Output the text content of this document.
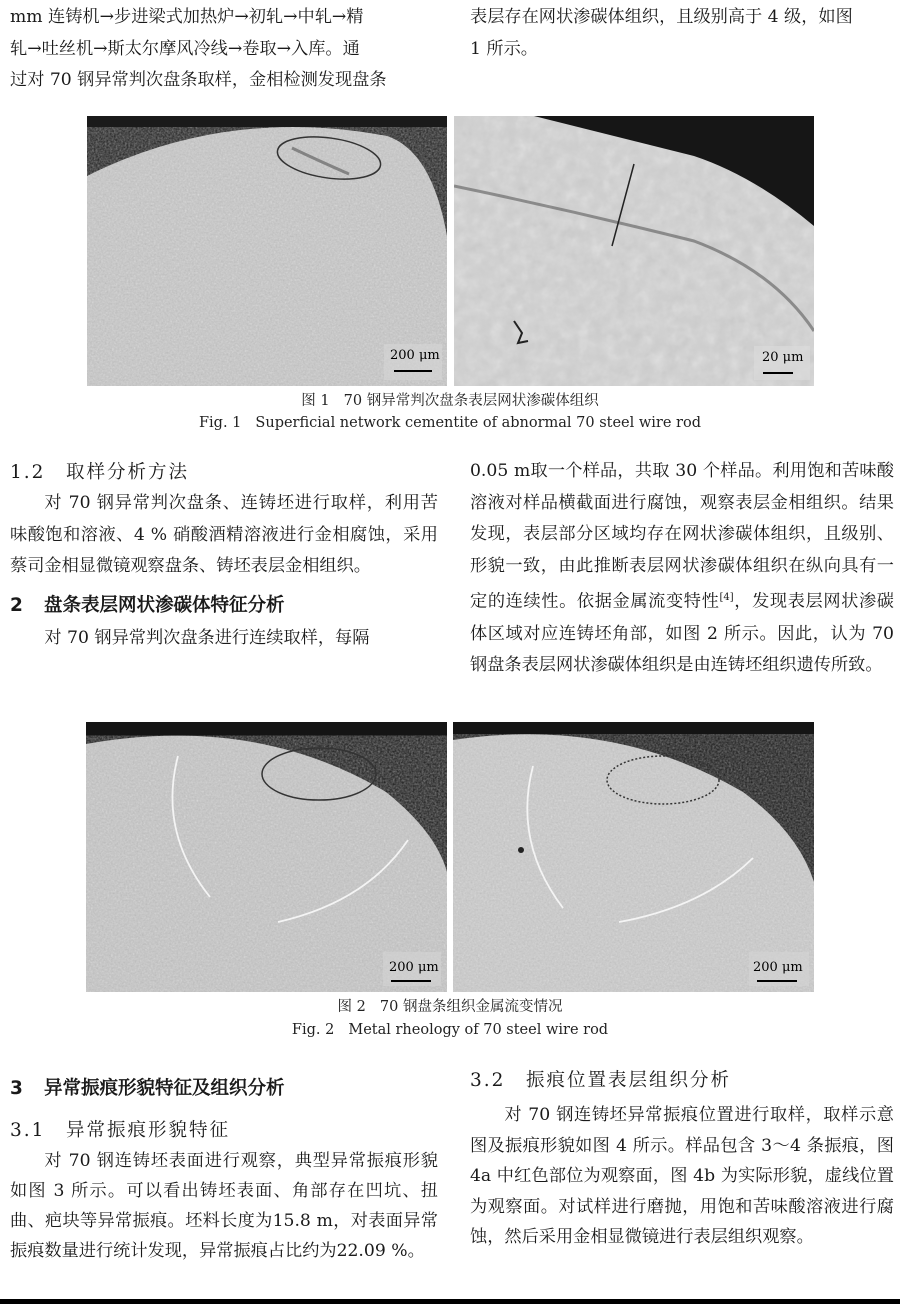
mm 连铸机→步进梁式加热炉→初轧→中轧→精

轧→吐丝机→斯太尔摩风冷线→卷取→入库。通

过对 70 钢异常判次盘条取样，金相检测发现盘条

表层存在网状渗碳体组织，且级别高于 4 级，如图

1 所示。

200 μm	20 μm
图 1 70 钢异常判次盘条表层网状渗碳体组织
Fig. 1 Superficial network cementite of abnormal 70 steel wire rod

1.2 取样分析方法

对 70 钢异常判次盘条、连铸坯进行取样，利用苦味酸饱和溶液、4 % 硝酸酒精溶液进行金相腐蚀，采用蔡司金相显微镜观察盘条、铸坯表层金相组织。

2 盘条表层网状渗碳体特征分析

对 70 钢异常判次盘条进行连续取样，每隔

0.05 m取一个样品，共取 30 个样品。利用饱和苦味酸溶液对样品横截面进行腐蚀，观察表层金相组织。结果发现，表层部分区域均存在网状渗碳体组织，且级别、形貌一致，由此推断表层网状渗碳体组织在纵向具有一定的连续性。依据金属流变特性[4]，发现表层网状渗碳体区域对应连铸坯角部，如图 2 所示。因此，认为 70 钢盘条表层网状渗碳体组织是由连铸坯组织遗传所致。

200 μm	200 μm
图 2 70 钢盘条组织金属流变情况
Fig. 2 Metal rheology of 70 steel wire rod

3 异常振痕形貌特征及组织分析

3.1 异常振痕形貌特征

对 70 钢连铸坯表面进行观察，典型异常振痕形貌如图 3 所示。可以看出铸坯表面、角部存在凹坑、扭曲、疤块等异常振痕。坯料长度为15.8 m，对表面异常振痕数量进行统计发现，异常振痕占比约为22.09 %。

3.2 振痕位置表层组织分析

对 70 钢连铸坯异常振痕位置进行取样，取样示意图及振痕形貌如图 4 所示。样品包含 3～4 条振痕，图 4a 中红色部位为观察面，图 4b 为实际形貌，虚线位置为观察面。对试样进行磨抛，用饱和苦味酸溶液进行腐蚀，然后采用金相显微镜进行表层组织观察。
